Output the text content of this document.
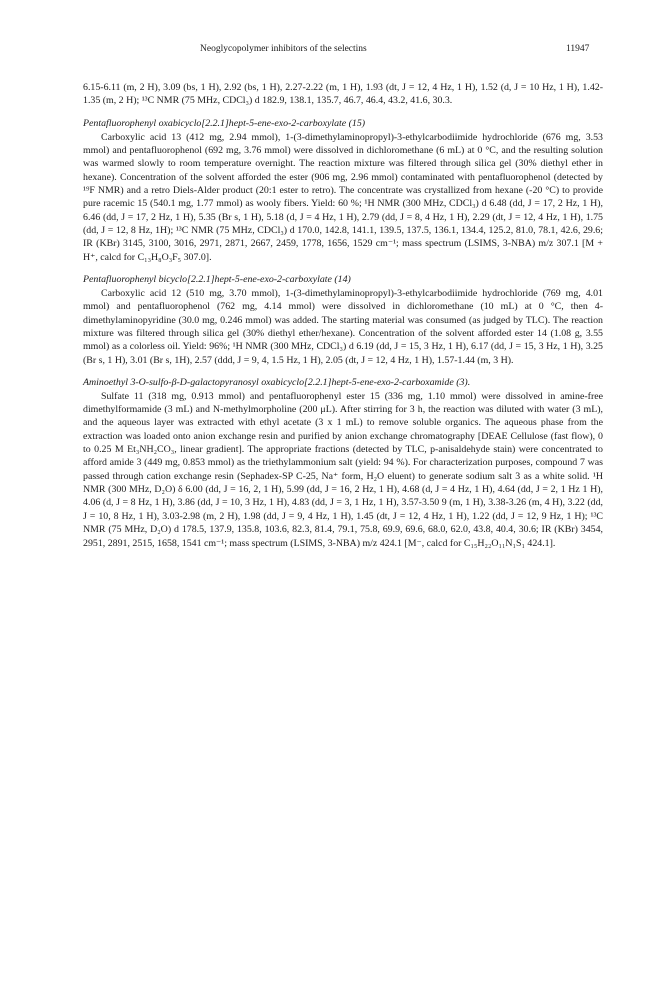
Neoglycopolymer inhibitors of the selectins	11947

6.15-6.11 (m, 2 H), 3.09 (bs, 1 H), 2.92 (bs, 1 H), 2.27-2.22 (m, 1 H), 1.93 (dt, J = 12, 4 Hz, 1 H), 1.52 (d, J = 10 Hz, 1 H), 1.42-1.35 (m, 2 H); ¹³C NMR (75 MHz, CDCl₃) d 182.9, 138.1, 135.7, 46.7, 46.4, 43.2, 41.6, 30.3.

Pentafluorophenyl oxabicyclo[2.2.1]hept-5-ene-exo-2-carboxylate (15)

Carboxylic acid 13 (412 mg, 2.94 mmol), 1-(3-dimethylaminopropyl)-3-ethylcarbodiimide hydrochloride (676 mg, 3.53 mmol) and pentafluorophenol (692 mg, 3.76 mmol) were dissolved in dichloromethane (6 mL) at 0 °C, and the resulting solution was warmed slowly to room temperature overnight. The reaction mixture was filtered through silica gel (30% diethyl ether in hexane). Concentration of the solvent afforded the ester (906 mg, 2.96 mmol) contaminated with pentafluorophenol (detected by ¹⁹F NMR) and a retro Diels-Alder product (20:1 ester to retro). The concentrate was crystallized from hexane (-20 °C) to provide pure racemic 15 (540.1 mg, 1.77 mmol) as wooly fibers. Yield: 60 %; ¹H NMR (300 MHz, CDCl₃) d 6.48 (dd, J = 17, 2 Hz, 1 H), 6.46 (dd, J = 17, 2 Hz, 1 H), 5.35 (Br s, 1 H), 5.18 (d, J = 4 Hz, 1 H), 2.79 (dd, J = 8, 4 Hz, 1 H), 2.29 (dt, J = 12, 4 Hz, 1 H), 1.75 (dd, J = 12, 8 Hz, 1H); ¹³C NMR (75 MHz, CDCl₃) d 170.0, 142.8, 141.1, 139.5, 137.5, 136.1, 134.4, 125.2, 81.0, 78.1, 42.6, 29.6; IR (KBr) 3145, 3100, 3016, 2971, 2871, 2667, 2459, 1778, 1656, 1529 cm⁻¹; mass spectrum (LSIMS, 3-NBA) m/z 307.1 [M + H⁺, calcd for C₁₃H₈O₃F₅ 307.0].

Pentafluorophenyl bicyclo[2.2.1]hept-5-ene-exo-2-carboxylate (14)

Carboxylic acid 12 (510 mg, 3.70 mmol), 1-(3-dimethylaminopropyl)-3-ethylcarbodiimide hydrochloride (769 mg, 4.01 mmol) and pentafluorophenol (762 mg, 4.14 mmol) were dissolved in dichloromethane (10 mL) at 0 °C, then 4-dimethylaminopyridine (30.0 mg, 0.246 mmol) was added. The starting material was consumed (as judged by TLC). The reaction mixture was filtered through silica gel (30% diethyl ether/hexane). Concentration of the solvent afforded ester 14 (1.08 g, 3.55 mmol) as a colorless oil. Yield: 96%; ¹H NMR (300 MHz, CDCl₃) d 6.19 (dd, J = 15, 3 Hz, 1 H), 6.17 (dd, J = 15, 3 Hz, 1 H), 3.25 (Br s, 1 H), 3.01 (Br s, 1H), 2.57 (ddd, J = 9, 4, 1.5 Hz, 1 H), 2.05 (dt, J = 12, 4 Hz, 1 H), 1.57-1.44 (m, 3 H).

Aminoethyl 3-O-sulfo-β-D-galactopyranosyl oxabicyclo[2.2.1]hept-5-ene-exo-2-carboxamide (3).

Sulfate 11 (318 mg, 0.913 mmol) and pentafluorophenyl ester 15 (336 mg, 1.10 mmol) were dissolved in amine-free dimethylformamide (3 mL) and N-methylmorpholine (200 μL). After stirring for 3 h, the reaction was diluted with water (3 mL), and the aqueous layer was extracted with ethyl acetate (3 x 1 mL) to remove soluble organics. The aqueous phase from the extraction was loaded onto anion exchange resin and purified by anion exchange chromatography [DEAE Cellulose (fast flow), 0 to 0.25 M Et₃NH₂CO₃, linear gradient]. The appropriate fractions (detected by TLC, p-anisaldehyde stain) were concentrated to afford amide 3 (449 mg, 0.853 mmol) as the triethylammonium salt (yield: 94 %). For characterization purposes, compound 7 was passed through cation exchange resin (Sephadex-SP C-25, Na⁺ form, H₂O eluent) to generate sodium salt 3 as a white solid. ¹H NMR (300 MHz, D₂O) δ 6.00 (dd, J = 16, 2, 1 H), 5.99 (dd, J = 16, 2 Hz, 1 H), 4.68 (d, J = 4 Hz, 1 H), 4.64 (dd, J = 2, 1 Hz 1 H), 4.06 (d, J = 8 Hz, 1 H), 3.86 (dd, J = 10, 3 Hz, 1 H), 4.83 (dd, J = 3, 1 Hz, 1 H), 3.57-3.50 9 (m, 1 H), 3.38-3.26 (m, 4 H), 3.22 (dd, J = 10, 8 Hz, 1 H), 3.03-2.98 (m, 2 H), 1.98 (dd, J = 9, 4 Hz, 1 H), 1.45 (dt, J = 12, 4 Hz, 1 H), 1.22 (dd, J = 12, 9 Hz, 1 H); ¹³C NMR (75 MHz, D₂O) d 178.5, 137.9, 135.8, 103.6, 82.3, 81.4, 79.1, 75.8, 69.9, 69.6, 68.0, 62.0, 43.8, 40.4, 30.6; IR (KBr) 3454, 2951, 2891, 2515, 1658, 1541 cm⁻¹; mass spectrum (LSIMS, 3-NBA) m/z 424.1 [M⁻, calcd for C₁₅H₂₂O₁₁N₁S₁ 424.1].
